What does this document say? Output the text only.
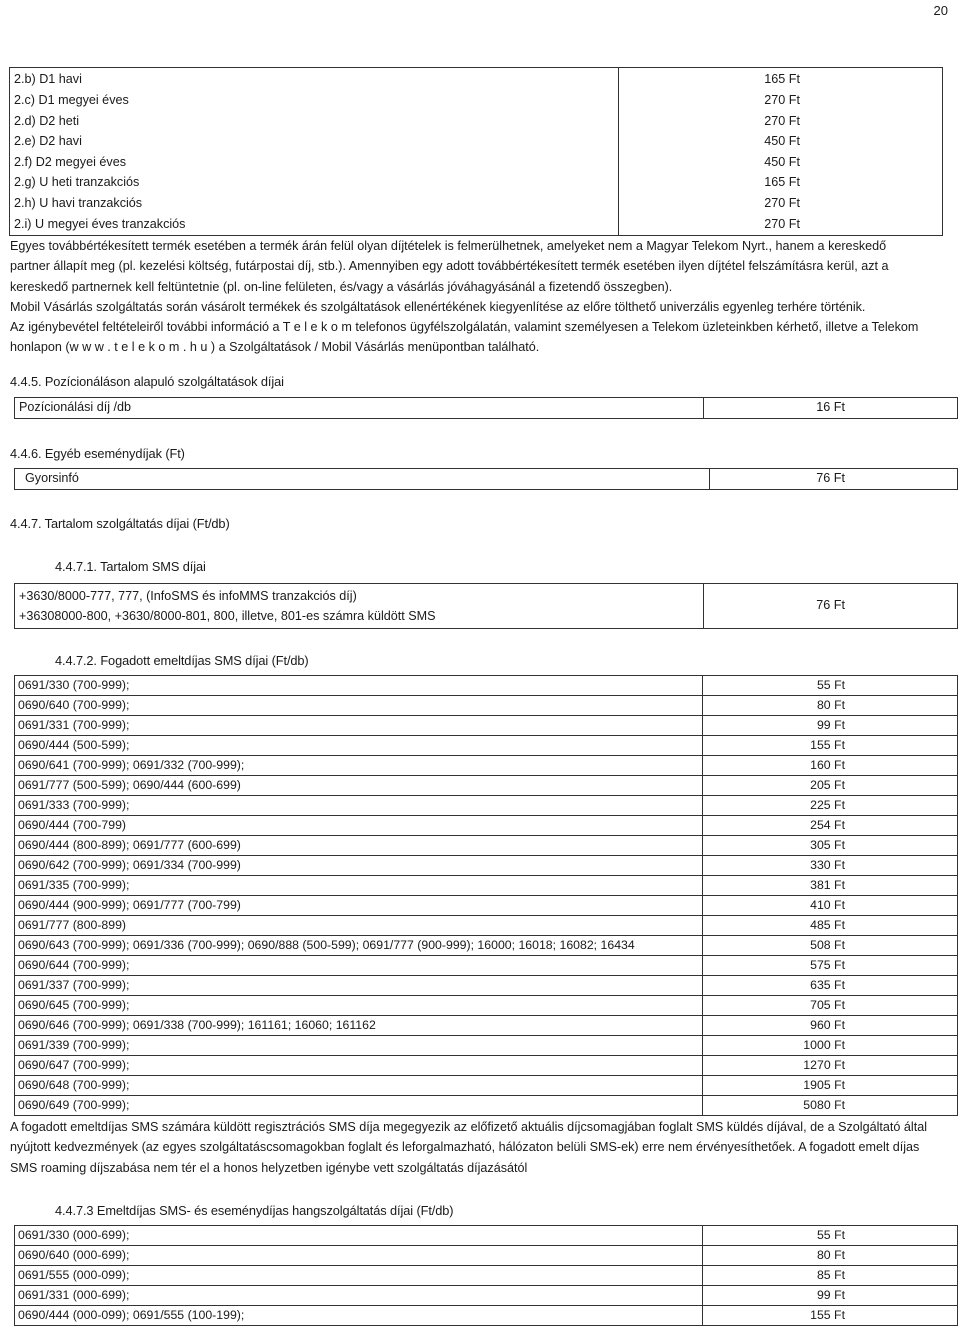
20
2.b) D1 havi	165 Ft
2.c) D1 megyei éves	270 Ft
2.d) D2 heti	270 Ft
2.e) D2 havi	450 Ft
2.f) D2 megyei éves	450 Ft
2.g) U heti tranzakciós	165 Ft
2.h) U havi tranzakciós	270 Ft
2.i) U megyei éves tranzakciós	270 Ft

Egyes továbbértékesített termék esetében a termék árán felül olyan díjtételek is felmerülhetnek, amelyeket nem a Magyar Telekom Nyrt., hanem a kereskedő

partner állapít meg (pl. kezelési költség, futárpostai díj, stb.). Amennyiben egy adott továbbértékesített termék esetében ilyen díjtétel felszámításra kerül, azt a

kereskedő partnernek kell feltüntetnie (pl. on-line felületen, és/vagy a vásárlás jóváhagyásánál a fizetendő összegben).

Mobil Vásárlás szolgáltatás során vásárolt termékek és szolgáltatások ellenértékének kiegyenlítése az előre tölthető univerzális egyenleg terhére történik.

Az igénybevétel feltételeiről további információ a T e l e k o m telefonos ügyfélszolgálatán, valamint személyesen a Telekom üzleteinkben kérhető, illetve a Telekom

honlapon (w w w . t e l e k o m . h u ) a Szolgáltatások / Mobil Vásárlás menüpontban található.

4.4.5. Pozícionáláson alapuló szolgáltatások díjai
Pozícionálási díj /db	16 Ft
4.4.6. Egyéb eseménydíjak (Ft)
Gyorsinfó	76 Ft
4.4.7. Tartalom szolgáltatás díjai (Ft/db)
4.4.7.1. Tartalom SMS díjai
+3630/8000-777, 777, (InfoSMS és infoMMS tranzakciós díj)
+36308000-800, +3630/8000-801, 800, illetve, 801-es számra küldött SMS
	76 Ft
4.4.7.2. Fogadott emeltdíjas SMS díjai (Ft/db)
0691/330 (700-999);	55 Ft
0690/640 (700-999);	80 Ft
0691/331 (700-999);	99 Ft
0690/444 (500-599);	155 Ft
0690/641 (700-999); 0691/332 (700-999);	160 Ft
0691/777 (500-599); 0690/444 (600-699)	205 Ft
0691/333 (700-999);	225 Ft
0690/444 (700-799)	254 Ft
0690/444 (800-899); 0691/777 (600-699)	305 Ft
0690/642 (700-999); 0691/334 (700-999)	330 Ft
0691/335 (700-999);	381 Ft
0690/444 (900-999); 0691/777 (700-799)	410 Ft
0691/777 (800-899)	485 Ft
0690/643 (700-999); 0691/336 (700-999); 0690/888 (500-599); 0691/777 (900-999); 16000; 16018; 16082; 16434	508 Ft
0690/644 (700-999);	575 Ft
0691/337 (700-999);	635 Ft
0690/645 (700-999);	705 Ft
0690/646 (700-999); 0691/338 (700-999); 161161; 16060; 161162	960 Ft
0691/339 (700-999);	1000 Ft
0690/647 (700-999);	1270 Ft
0690/648 (700-999);	1905 Ft
0690/649 (700-999);	5080 Ft

A fogadott emeltdíjas SMS számára küldött regisztrációs SMS díja megegyezik az előfizető aktuális díjcsomagjában foglalt SMS küldés díjával, de a Szolgáltató által

nyújtott kedvezmények (az egyes szolgáltatáscsomagokban foglalt és leforgalmazható, hálózaton belüli SMS-ek) erre nem érvényesíthetőek. A fogadott emelt díjas

SMS roaming díjszabása nem tér el a honos helyzetben igénybe vett szolgáltatás díjazásától

4.4.7.3 Emeltdíjas SMS- és eseménydíjas hangszolgáltatás díjai (Ft/db)
0691/330 (000-699);	55 Ft
0690/640 (000-699);	80 Ft
0691/555 (000-099);	85 Ft
0691/331 (000-699);	99 Ft
0690/444 (000-099); 0691/555 (100-199);	155 Ft
